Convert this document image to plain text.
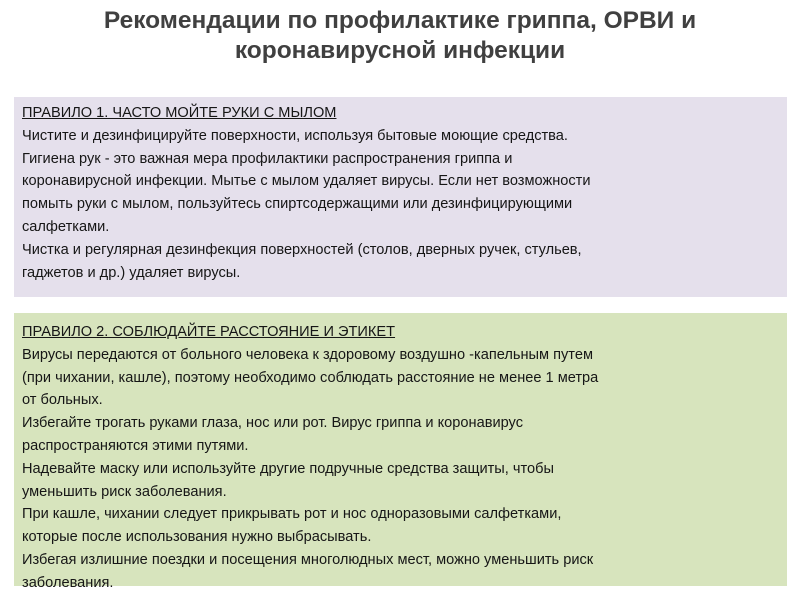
Рекомендации по профилактике гриппа, ОРВИ и
коронавирусной инфекции
ПРАВИЛО 1. ЧАСТО МОЙТЕ РУКИ С МЫЛОМ
Чистите и дезинфицируйте поверхности, используя бытовые моющие средства.
Гигиена рук - это важная мера профилактики распространения гриппа и
коронавирусной инфекции. Мытье с мылом удаляет вирусы. Если нет возможности
помыть руки с мылом, пользуйтесь спиртсодержащими или дезинфицирующими
салфетками.
Чистка и регулярная дезинфекция поверхностей (столов, дверных ручек, стульев,
гаджетов и др.) удаляет вирусы.
ПРАВИЛО 2. СОБЛЮДАЙТЕ РАССТОЯНИЕ И ЭТИКЕТ
Вирусы передаются от больного человека к здоровому воздушно -капельным путем
(при чихании, кашле), поэтому необходимо соблюдать расстояние не менее 1 метра
от больных.
Избегайте трогать руками глаза, нос или рот. Вирус гриппа и коронавирус
распространяются этими путями.
Надевайте маску или используйте другие подручные средства защиты, чтобы
уменьшить риск заболевания.
При кашле, чихании следует прикрывать рот и нос одноразовыми салфетками,
которые после использования нужно выбрасывать.
Избегая излишние поездки и посещения многолюдных мест, можно уменьшить риск
заболевания.
